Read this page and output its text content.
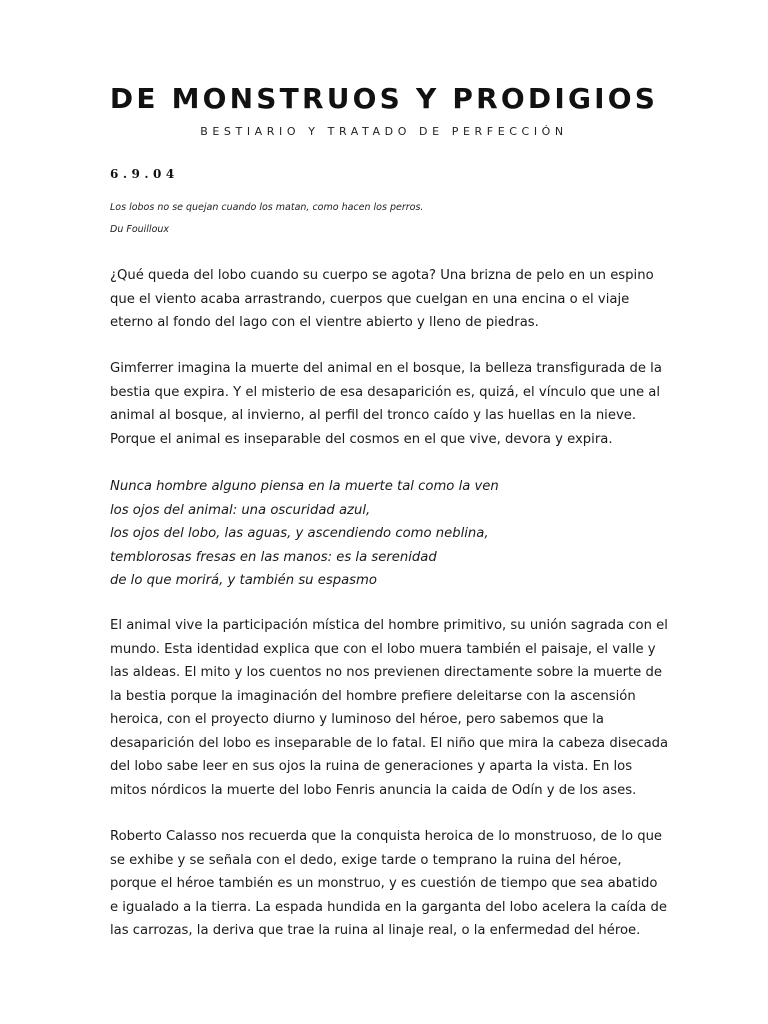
DE MONSTRUOS Y PRODIGIOS
BESTIARIO Y TRATADO DE PERFECCIÓN
6.9.04
Los lobos no se quejan cuando los matan, como hacen los perros.
Du Fouilloux

¿Qué queda del lobo cuando su cuerpo se agota? Una brizna de pelo en un espino
que el viento acaba arrastrando, cuerpos que cuelgan en una encina o el viaje
eterno al fondo del lago con el vientre abierto y lleno de piedras.

Gimferrer imagina la muerte del animal en el bosque, la belleza transfigurada de la
bestia que expira. Y el misterio de esa desaparición es, quizá, el vínculo que une al
animal al bosque, al invierno, al perfil del tronco caído y las huellas en la nieve.
Porque el animal es inseparable del cosmos en el que vive, devora y expira.

Nunca hombre alguno piensa en la muerte tal como la ven
los ojos del animal: una oscuridad azul,
los ojos del lobo, las aguas, y ascendiendo como neblina,
temblorosas fresas en las manos: es la serenidad
de lo que morirá, y también su espasmo

El animal vive la participación mística del hombre primitivo, su unión sagrada con el
mundo. Esta identidad explica que con el lobo muera también el paisaje, el valle y
las aldeas. El mito y los cuentos no nos previenen directamente sobre la muerte de
la bestia porque la imaginación del hombre prefiere deleitarse con la ascensión
heroica, con el proyecto diurno y luminoso del héroe, pero sabemos que la
desaparición del lobo es inseparable de lo fatal. El niño que mira la cabeza disecada
del lobo sabe leer en sus ojos la ruina de generaciones y aparta la vista. En los
mitos nórdicos la muerte del lobo Fenris anuncia la caida de Odín y de los ases.

Roberto Calasso nos recuerda que la conquista heroica de lo monstruoso, de lo que
se exhibe y se señala con el dedo, exige tarde o temprano la ruina del héroe,
porque el héroe también es un monstruo, y es cuestión de tiempo que sea abatido
e igualado a la tierra. La espada hundida en la garganta del lobo acelera la caída de
las carrozas, la deriva que trae la ruina al linaje real, o la enfermedad del héroe.
